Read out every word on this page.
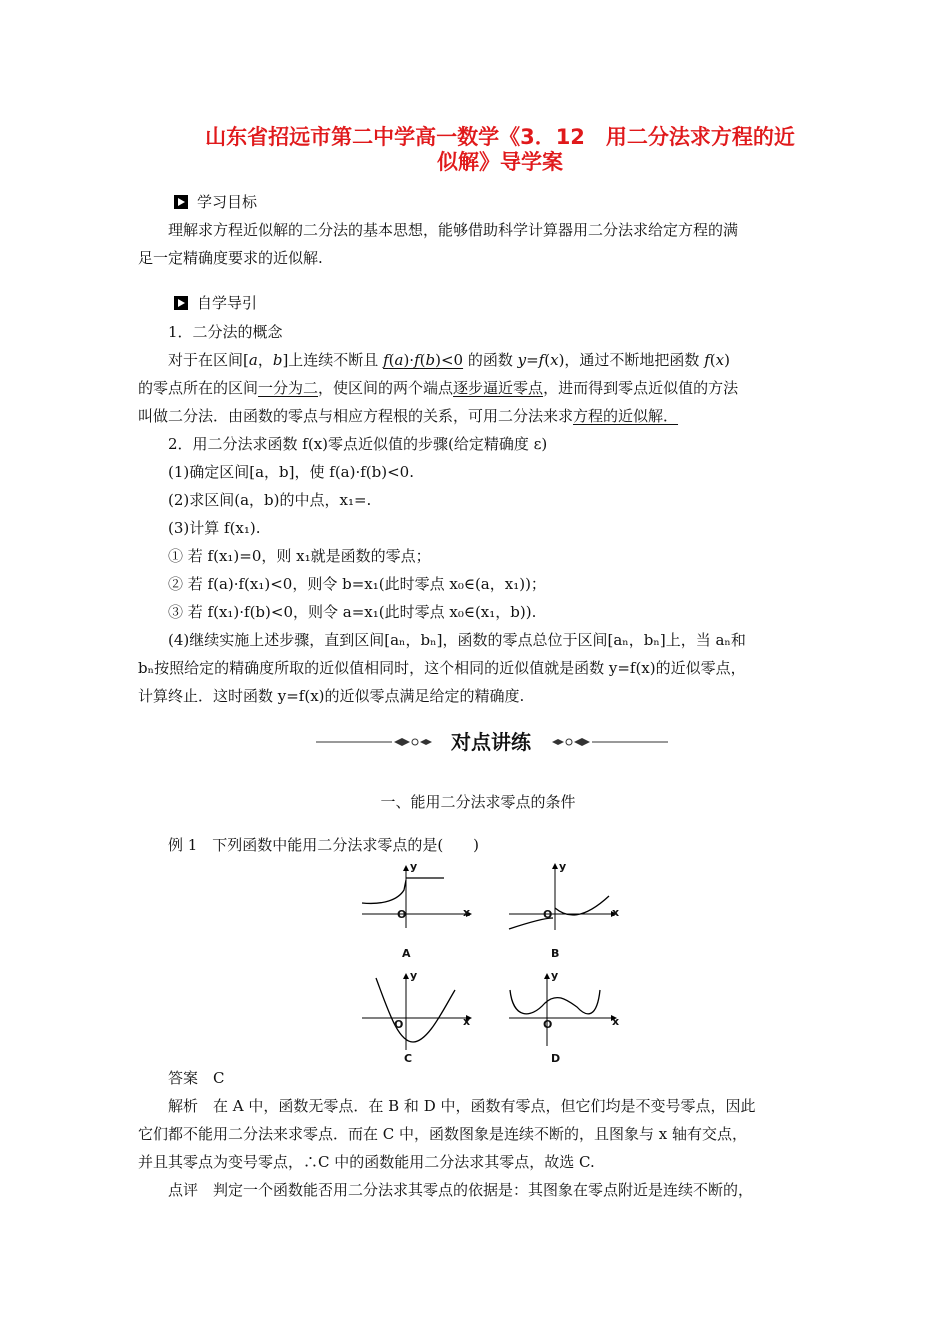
山东省招远市第二中学高一数学《3．12　用二分法求方程的近
似解》导学案
学习目标
理解求方程近似解的二分法的基本思想，能够借助科学计算器用二分法求给定方程的满
足一定精确度要求的近似解.
自学导引
1．二分法的概念
对于在区间[a，b]上连续不断且 f(a)·f(b)<0 的函数 y=f(x)，通过不断地把函数 f(x)
的零点所在的区间一分为二，使区间的两个端点逐步逼近零点，进而得到零点近似值的方法
叫做二分法．由函数的零点与相应方程根的关系，可用二分法来求方程的近似解．
2．用二分法求函数 f(x)零点近似值的步骤(给定精确度 ε)
(1)确定区间[a，b]，使 f(a)·f(b)<0.
(2)求区间(a，b)的中点，x₁=.
(3)计算 f(x₁).
① 若 f(x₁)=0，则 x₁就是函数的零点；
② 若 f(a)·f(x₁)<0，则令 b=x₁(此时零点 x₀∈(a，x₁))；
③ 若 f(x₁)·f(b)<0，则令 a=x₁(此时零点 x₀∈(x₁，b)).
(4)继续实施上述步骤，直到区间[aₙ，bₙ]，函数的零点总位于区间[aₙ，bₙ]上，当 aₙ和
bₙ按照给定的精确度所取的近似值相同时，这个相同的近似值就是函数 y=f(x)的近似零点，
计算终止．这时函数 y=f(x)的近似零点满足给定的精确度.
对点讲练
一、能用二分法求零点的条件
例 1　下列函数中能用二分法求零点的是(　　)
y
x
O
A
y
x
O
B
y
x
O
C
y
x
O
D
答案　C
解析　在 A 中，函数无零点．在 B 和 D 中，函数有零点，但它们均是不变号零点，因此
它们都不能用二分法来求零点．而在 C 中，函数图象是连续不断的，且图象与 x 轴有交点，
并且其零点为变号零点，∴C 中的函数能用二分法求其零点，故选 C.
点评　判定一个函数能否用二分法求其零点的依据是：其图象在零点附近是连续不断的，
